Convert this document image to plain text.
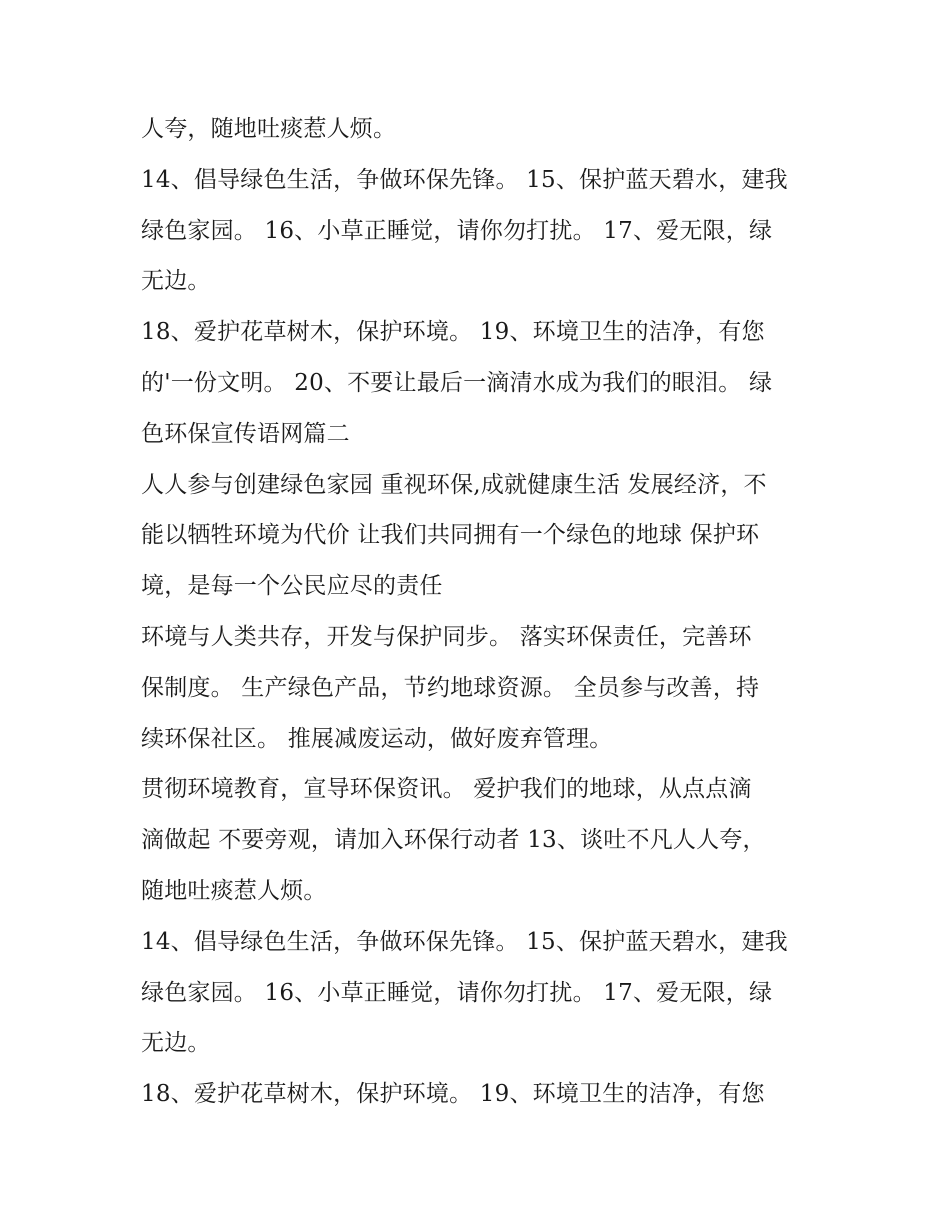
人夸，随地吐痰惹人烦。
14、倡导绿色生活，争做环保先锋。 15、保护蓝天碧水，建我
绿色家园。 16、小草正睡觉，请你勿打扰。 17、爱无限，绿
无边。
18、爱护花草树木，保护环境。 19、环境卫生的洁净，有您
的'一份文明。 20、不要让最后一滴清水成为我们的眼泪。 绿
色环保宣传语网篇二
人人参与创建绿色家园 重视环保,成就健康生活 发展经济，不
能以牺牲环境为代价 让我们共同拥有一个绿色的地球 保护环
境，是每一个公民应尽的责任
环境与人类共存，开发与保护同步。 落实环保责任，完善环
保制度。 生产绿色产品，节约地球资源。 全员参与改善，持
续环保社区。 推展减废运动，做好废弃管理。
贯彻环境教育，宣导环保资讯。 爱护我们的地球，从点点滴
滴做起 不要旁观，请加入环保行动者 13、谈吐不凡人人夸，
随地吐痰惹人烦。
14、倡导绿色生活，争做环保先锋。 15、保护蓝天碧水，建我
绿色家园。 16、小草正睡觉，请你勿打扰。 17、爱无限，绿
无边。
18、爱护花草树木，保护环境。 19、环境卫生的洁净，有您
